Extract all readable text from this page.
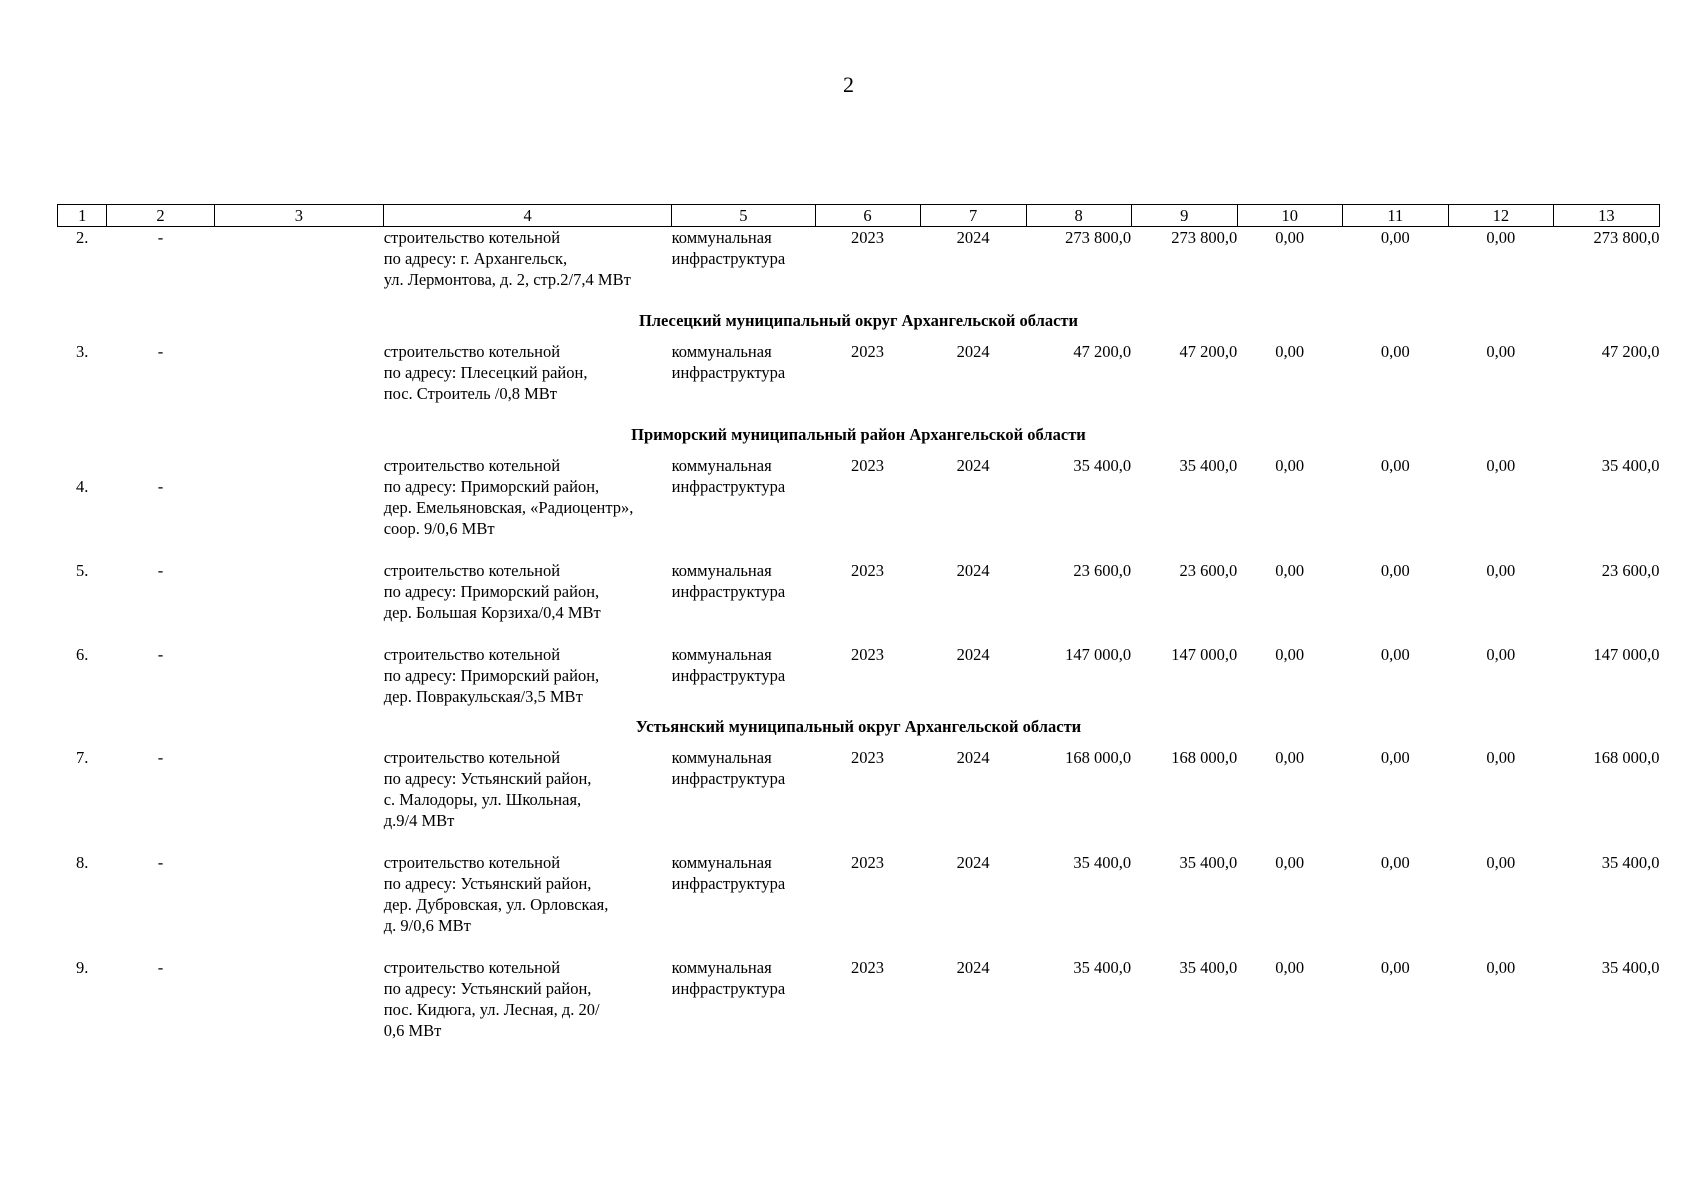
2
1	2	3	4	5	6	7	8	9	10	11	12	13
2.	-		строительство котельной
по адресу: г. Архангельск,
ул. Лермонтова, д. 2, стр.2/7,4 МВт	коммунальная
инфраструктура	2023	2024	273 800,0	273 800,0	0,00	0,00	0,00	273 800,0
Плесецкий муниципальный округ Архангельской области												
3.	-		строительство котельной
по адресу: Плесецкий район,
пос. Строитель /0,8 МВт	коммунальная
инфраструктура	2023	2024	47 200,0	47 200,0	0,00	0,00	0,00	47 200,0
Приморский муниципальный район Архангельской области												
4.	-		строительство котельной
по адресу: Приморский район,
дер. Емельяновская, «Радиоцентр»,
соор. 9/0,6 МВт	коммунальная
инфраструктура	2023	2024	35 400,0	35 400,0	0,00	0,00	0,00	35 400,0
5.	-		строительство котельной
по адресу: Приморский район,
дер. Большая Корзиха/0,4 МВт	коммунальная
инфраструктура	2023	2024	23 600,0	23 600,0	0,00	0,00	0,00	23 600,0
6.	-		строительство котельной
по адресу: Приморский район,
дер. Повракульская/3,5 МВт	коммунальная
инфраструктура	2023	2024	147 000,0	147 000,0	0,00	0,00	0,00	147 000,0
Устьянский муниципальный округ Архангельской области												
7.	-		строительство котельной
по адресу: Устьянский район,
с. Малодоры, ул. Школьная,
д.9/4 МВт	коммунальная
инфраструктура	2023	2024	168 000,0	168 000,0	0,00	0,00	0,00	168 000,0
8.	-		строительство котельной
по адресу: Устьянский район,
дер. Дубровская, ул. Орловская,
д. 9/0,6 МВт	коммунальная
инфраструктура	2023	2024	35 400,0	35 400,0	0,00	0,00	0,00	35 400,0
9.	-		строительство котельной
по адресу: Устьянский район,
пос. Кидюга, ул. Лесная, д. 20/
0,6 МВт	коммунальная
инфраструктура	2023	2024	35 400,0	35 400,0	0,00	0,00	0,00	35 400,0
